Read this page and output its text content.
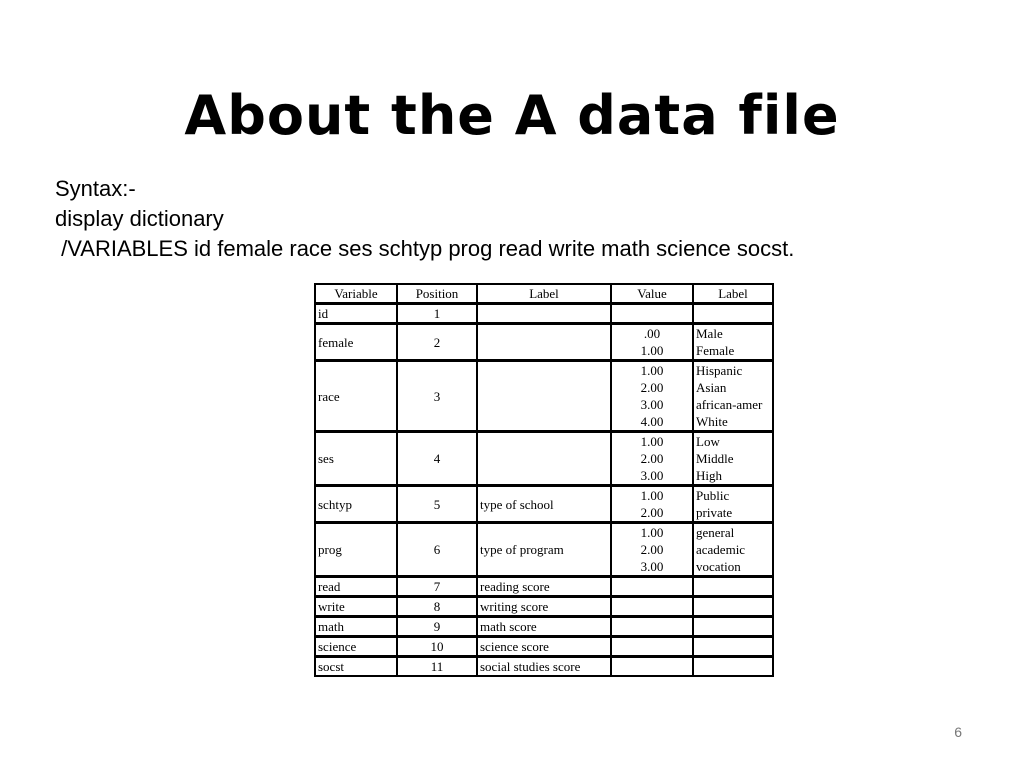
About the A data file
Syntax:-
display dictionary
/VARIABLES id female race ses schtyp prog read write math science socst.
Variable	Position	Label	Value	Label
id	1			
female	2		.00	Male
			1.00	Female
race	3		1.00	Hispanic
			2.00	Asian
			3.00	african-amer
			4.00	White
ses	4		1.00	Low
			2.00	Middle
			3.00	High
schtyp	5	type of school	1.00	Public
			2.00	private
prog	6	type of program	1.00	general
			2.00	academic
			3.00	vocation
read	7	reading score		
write	8	writing score		
math	9	math score		
science	10	science score		
socst	11	social studies score		
6
